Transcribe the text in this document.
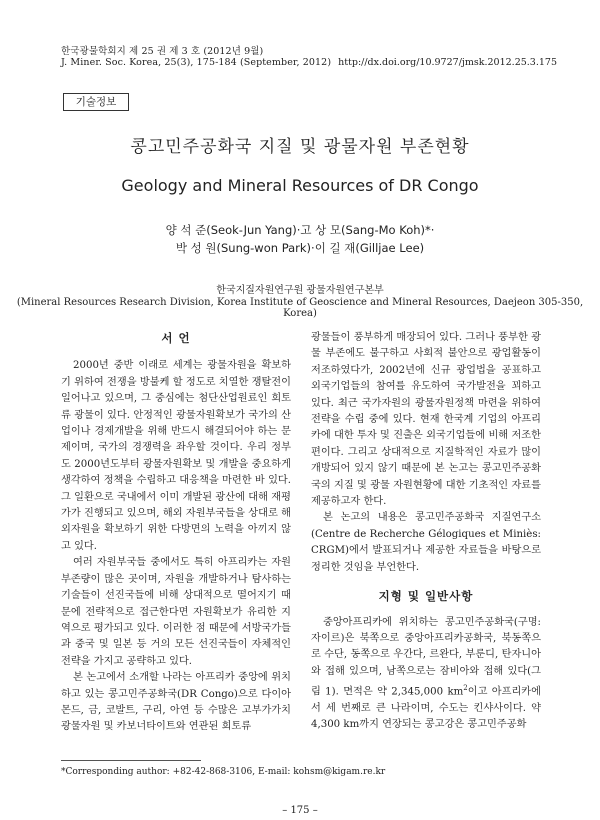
한국광물학회지 제 25 권 제 3 호 (2012년 9월)
J. Miner. Soc. Korea, 25(3), 175-184 (September, 2012) http://dx.doi.org/10.9727/jmsk.2012.25.3.175
기술정보
콩고민주공화국 지질 및 광물자원 부존현황
Geology and Mineral Resources of DR Congo
양 석 준(Seok-Jun Yang)·고 상 모(Sang-Mo Koh)*·
박 성 원(Sung-won Park)·이 길 재(Gilljae Lee)
한국지질자원연구원 광물자원연구본부
(Mineral Resources Research Division, Korea Institute of Geoscience and Mineral Resources, Daejeon 305-350, Korea)
서 언

2000년 중반 이래로 세계는 광물자원을 확보하기 위하여 전쟁을 방불케 할 정도로 치열한 쟁탈전이 일어나고 있으며, 그 중심에는 첨단산업원료인 희토류 광물이 있다. 안정적인 광물자원확보가 국가의 산업이나 경제개발을 위해 반드시 해결되어야 하는 문제이며, 국가의 경쟁력을 좌우할 것이다. 우리 정부도 2000년도부터 광물자원확보 및 개발을 중요하게 생각하여 정책을 수립하고 대응책을 마련한 바 있다. 그 일환으로 국내에서 이미 개발된 광산에 대해 재평가가 진행되고 있으며, 해외 자원부국들을 상대로 해외자원을 확보하기 위한 다방면의 노력을 아끼지 않고 있다.

여러 자원부국들 중에서도 특히 아프리카는 자원부존량이 많은 곳이며, 자원을 개발하거나 탐사하는 기술들이 선진국들에 비해 상대적으로 떨어지기 때문에 전략적으로 접근한다면 자원확보가 유리한 지역으로 평가되고 있다. 이러한 점 때문에 서방국가들과 중국 및 일본 등 거의 모든 선진국들이 자체적인 전략을 가지고 공략하고 있다.

본 논고에서 소개할 나라는 아프리카 중앙에 위치하고 있는 콩고민주공화국(DR Congo)으로 다이아몬드, 금, 코발트, 구리, 아연 등 수많은 고부가가치 광물자원 및 카보너타이트와 연관된 희토류

광물들이 풍부하게 매장되어 있다. 그러나 풍부한 광물 부존에도 불구하고 사회적 불안으로 광업활동이 저조하였다가, 2002년에 신규 광업법을 공표하고 외국기업들의 참여를 유도하여 국가발전을 꾀하고 있다. 최근 국가자원의 광물자원정책 마련을 위하여 전략을 수립 중에 있다. 현재 한국계 기업의 아프리카에 대한 투자 및 진출은 외국기업들에 비해 저조한 편이다. 그리고 상대적으로 지질학적인 자료가 많이 개방되어 있지 않기 때문에 본 논고는 콩고민주공화국의 지질 및 광물 자원현황에 대한 기초적인 자료를 제공하고자 한다.

본 논고의 내용은 콩고민주공화국 지질연구소(Centre de Recherche Gélogiques et Miniès: CRGM)에서 발표되거나 제공한 자료들을 바탕으로 정리한 것임을 부언한다.

지형 및 일반사항

중앙아프리카에 위치하는 콩고민주공화국(구명: 자이르)은 북쪽으로 중앙아프리카공화국, 북동쪽으로 수단, 동쪽으로 우간다, 르완다, 부룬디, 탄자니아와 접해 있으며, 남쪽으로는 잠비아와 접해 있다(그림 1). 면적은 약 2,345,000 $km^2$이고 아프리카에서 세 번째로 큰 나라이며, 수도는 킨샤사이다. 약 4,300 km까지 연장되는 콩고강은 콩고민주공화

*Corresponding author: +82-42-868-3106, E-mail: kohsm@kigam.re.kr
– 175 –
